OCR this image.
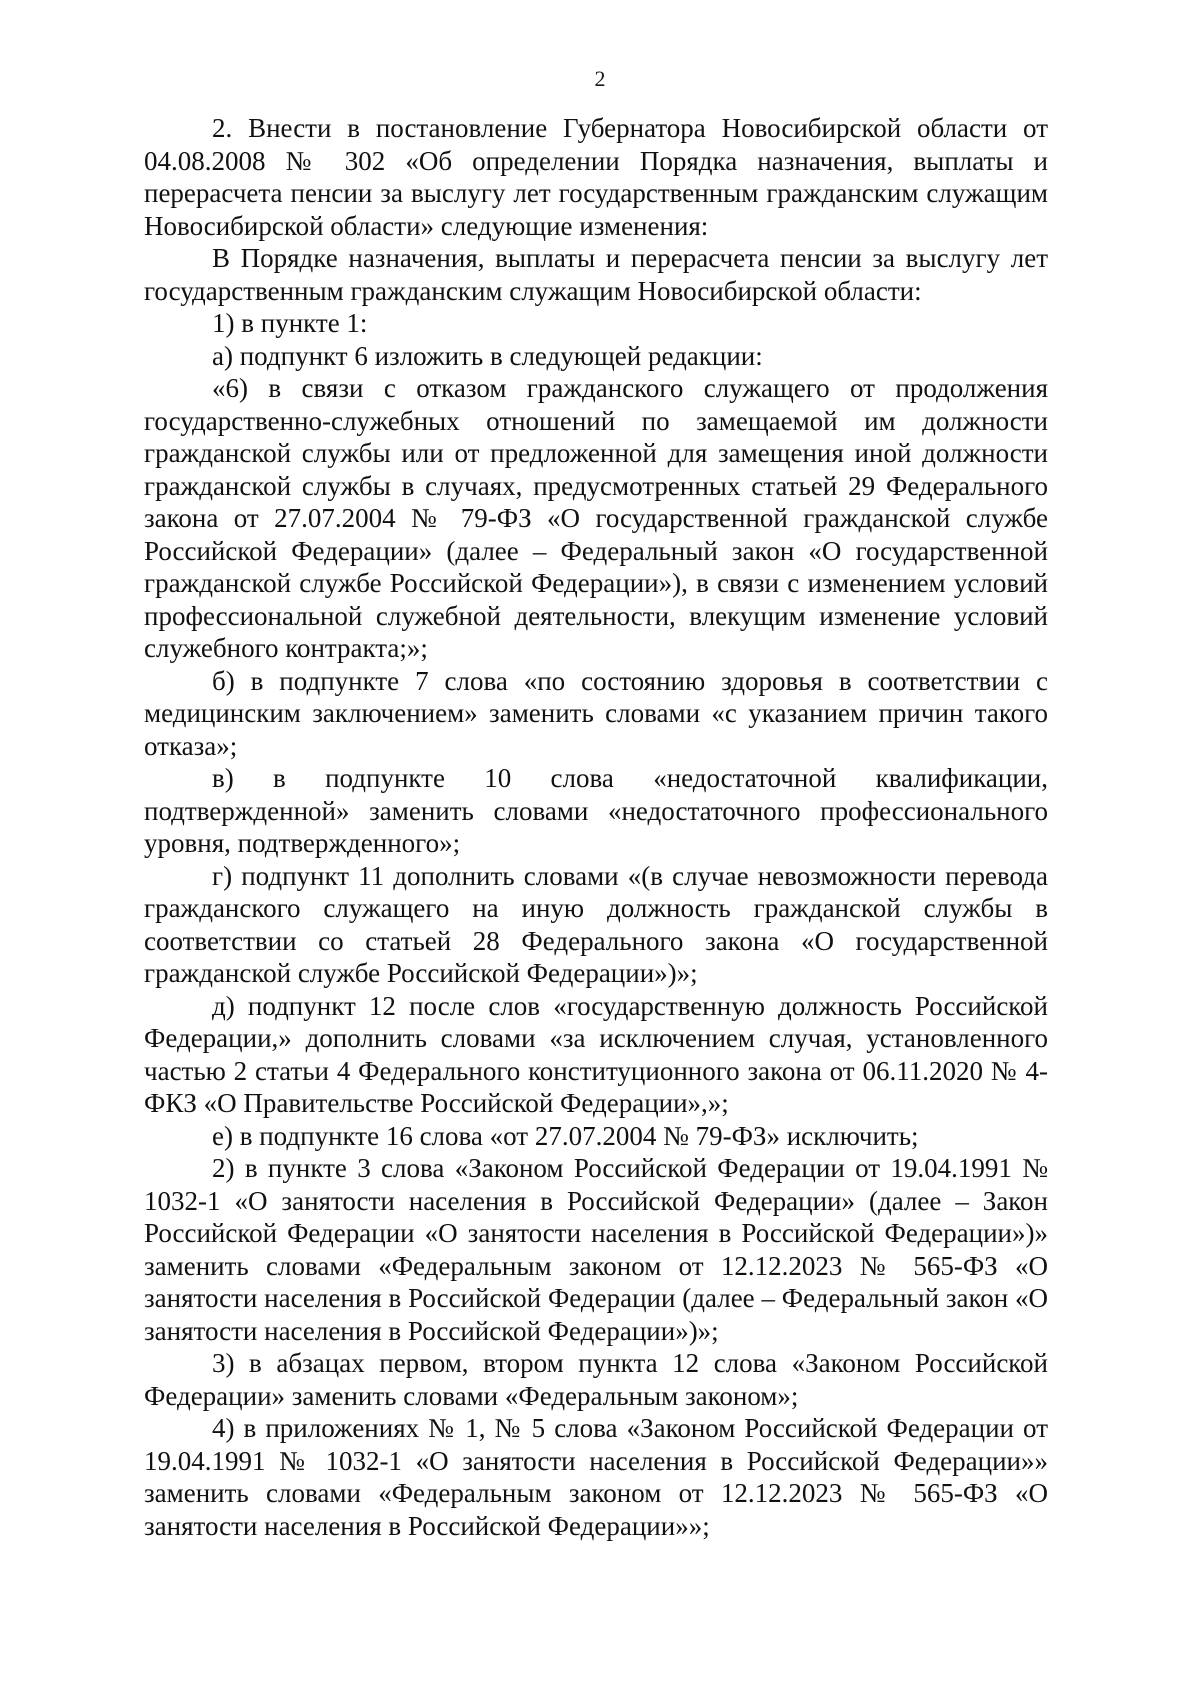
2

2. Внести в постановление Губернатора Новосибирской области от 04.08.2008 № 302 «Об определении Порядка назначения, выплаты и перерасчета пенсии за выслугу лет государственным гражданским служащим Новосибирской области» следующие изменения:

В Порядке назначения, выплаты и перерасчета пенсии за выслугу лет государственным гражданским служащим Новосибирской области:

1) в пункте 1:

а) подпункт 6 изложить в следующей редакции:

«6) в связи с отказом гражданского служащего от продолжения государственно-служебных отношений по замещаемой им должности гражданской службы или от предложенной для замещения иной должности гражданской службы в случаях, предусмотренных статьей 29 Федерального закона от 27.07.2004 № 79-ФЗ «О государственной гражданской службе Российской Федерации» (далее – Федеральный закон «О государственной гражданской службе Российской Федерации»), в связи с изменением условий профессиональной служебной деятельности, влекущим изменение условий служебного контракта;»;

б) в подпункте 7 слова «по состоянию здоровья в соответствии с медицинским заключением» заменить словами «с указанием причин такого отказа»;

в) в подпункте 10 слова «недостаточной квалификации, подтвержденной» заменить словами «недостаточного профессионального уровня, подтвержденного»;

г) подпункт 11 дополнить словами «(в случае невозможности перевода гражданского служащего на иную должность гражданской службы в соответствии со статьей 28 Федерального закона «О государственной гражданской службе Российской Федерации»)»;

д) подпункт 12 после слов «государственную должность Российской Федерации,» дополнить словами «за исключением случая, установленного частью 2 статьи 4 Федерального конституционного закона от 06.11.2020 № 4-ФКЗ «О Правительстве Российской Федерации»,»;

е) в подпункте 16 слова «от 27.07.2004 № 79-ФЗ» исключить;

2) в пункте 3 слова «Законом Российской Федерации от 19.04.1991 № 1032-1 «О занятости населения в Российской Федерации» (далее – Закон Российской Федерации «О занятости населения в Российской Федерации»)» заменить словами «Федеральным законом от 12.12.2023 № 565-ФЗ «О занятости населения в Российской Федерации (далее – Федеральный закон «О занятости населения в Российской Федерации»)»;

3) в абзацах первом, втором пункта 12 слова «Законом Российской Федерации» заменить словами «Федеральным законом»;

4) в приложениях № 1, № 5 слова «Законом Российской Федерации от 19.04.1991 № 1032-1 «О занятости населения в Российской Федерации»» заменить словами «Федеральным законом от 12.12.2023 № 565-ФЗ «О занятости населения в Российской Федерации»»;
